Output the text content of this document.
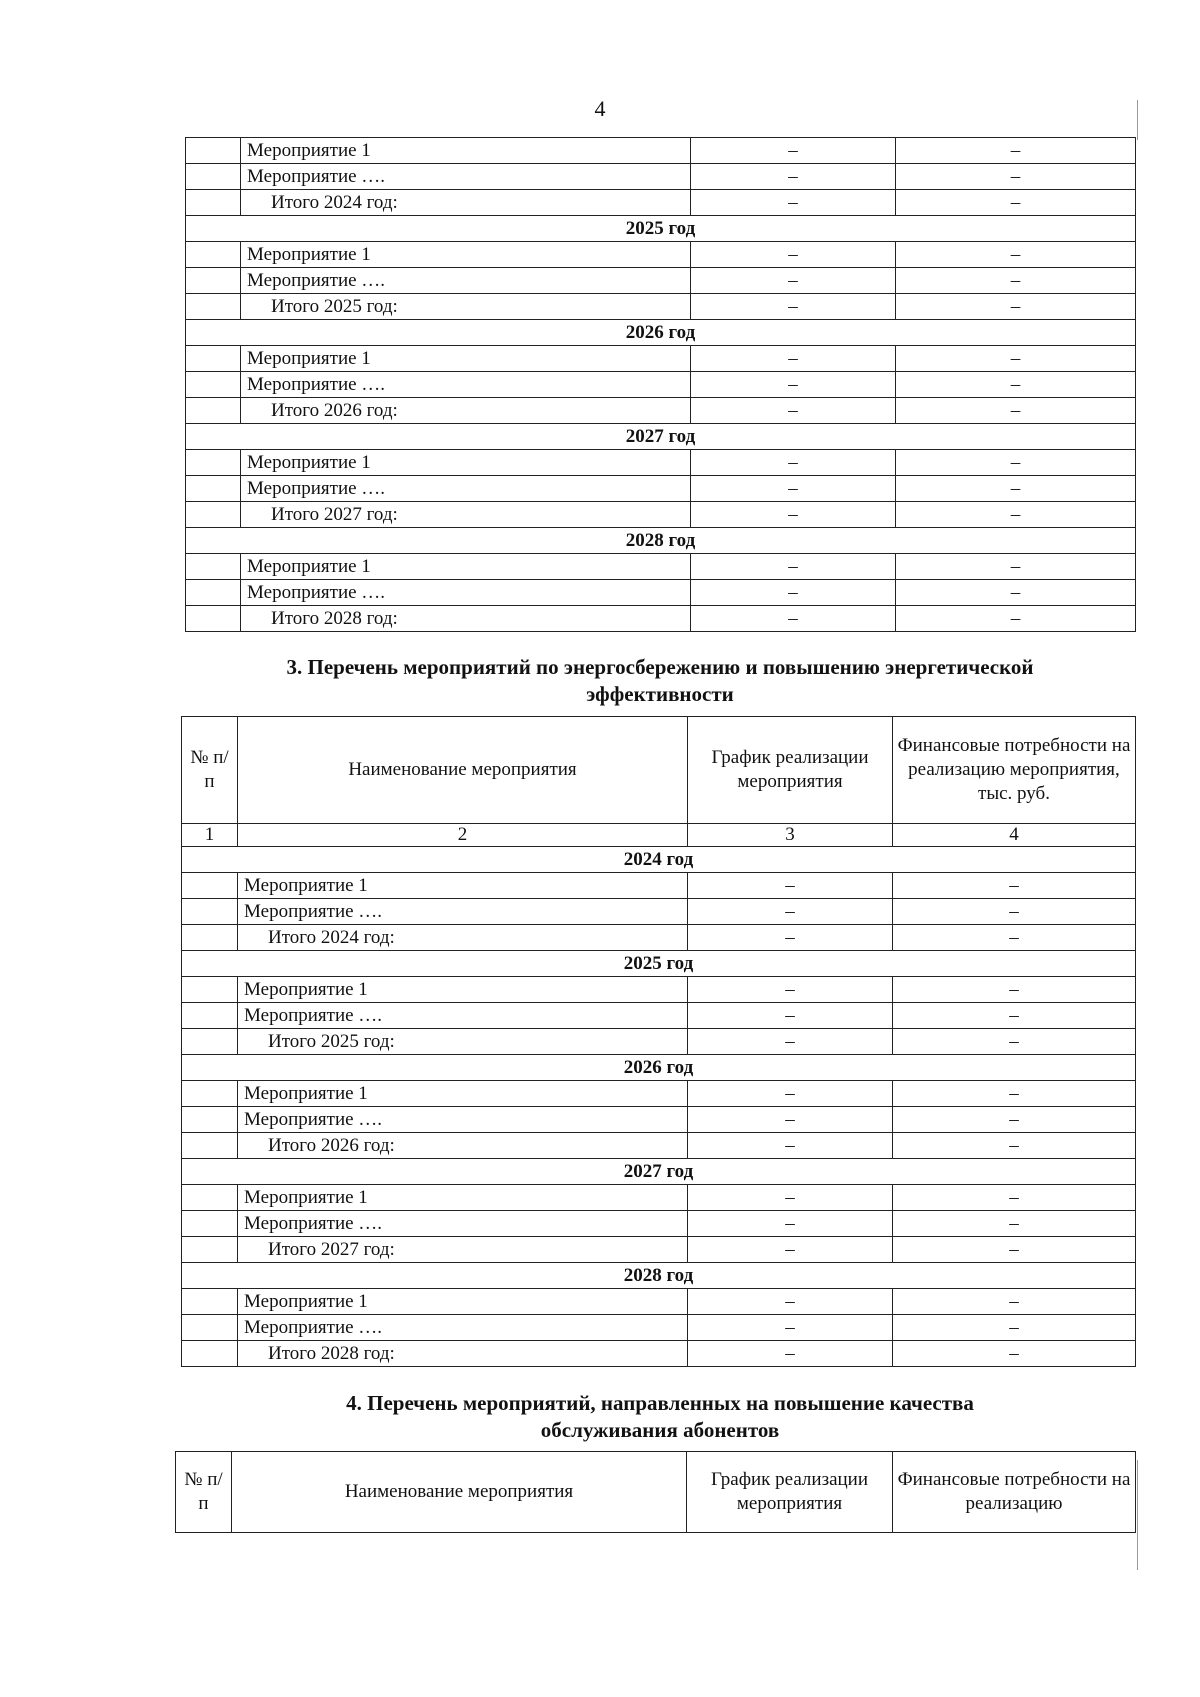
4
	Мероприятие 1	–	–
	Мероприятие ….	–	–
	Итого 2024 год:	–	–
2025 год			
	Мероприятие 1	–	–
	Мероприятие ….	–	–
	Итого 2025 год:	–	–
2026 год			
	Мероприятие 1	–	–
	Мероприятие ….	–	–
	Итого 2026 год:	–	–
2027 год			
	Мероприятие 1	–	–
	Мероприятие ….	–	–
	Итого 2027 год:	–	–
2028 год			
	Мероприятие 1	–	–
	Мероприятие ….	–	–
	Итого 2028 год:	–	–
3. Перечень мероприятий по энергосбережению и повышению энергетической
эффективности
№ п/п	Наименование мероприятия	График реализации мероприятия	Финансовые потребности на реализацию мероприятия, тыс. руб.
1	2	3	4
2024 год			
	Мероприятие 1	–	–
	Мероприятие ….	–	–
	Итого 2024 год:	–	–
2025 год			
	Мероприятие 1	–	–
	Мероприятие ….	–	–
	Итого 2025 год:	–	–
2026 год			
	Мероприятие 1	–	–
	Мероприятие ….	–	–
	Итого 2026 год:	–	–
2027 год			
	Мероприятие 1	–	–
	Мероприятие ….	–	–
	Итого 2027 год:	–	–
2028 год			
	Мероприятие 1	–	–
	Мероприятие ….	–	–
	Итого 2028 год:	–	–
4. Перечень мероприятий, направленных на повышение качества
обслуживания абонентов
№ п/п	Наименование мероприятия	График реализации мероприятия	Финансовые потребности на реализацию
